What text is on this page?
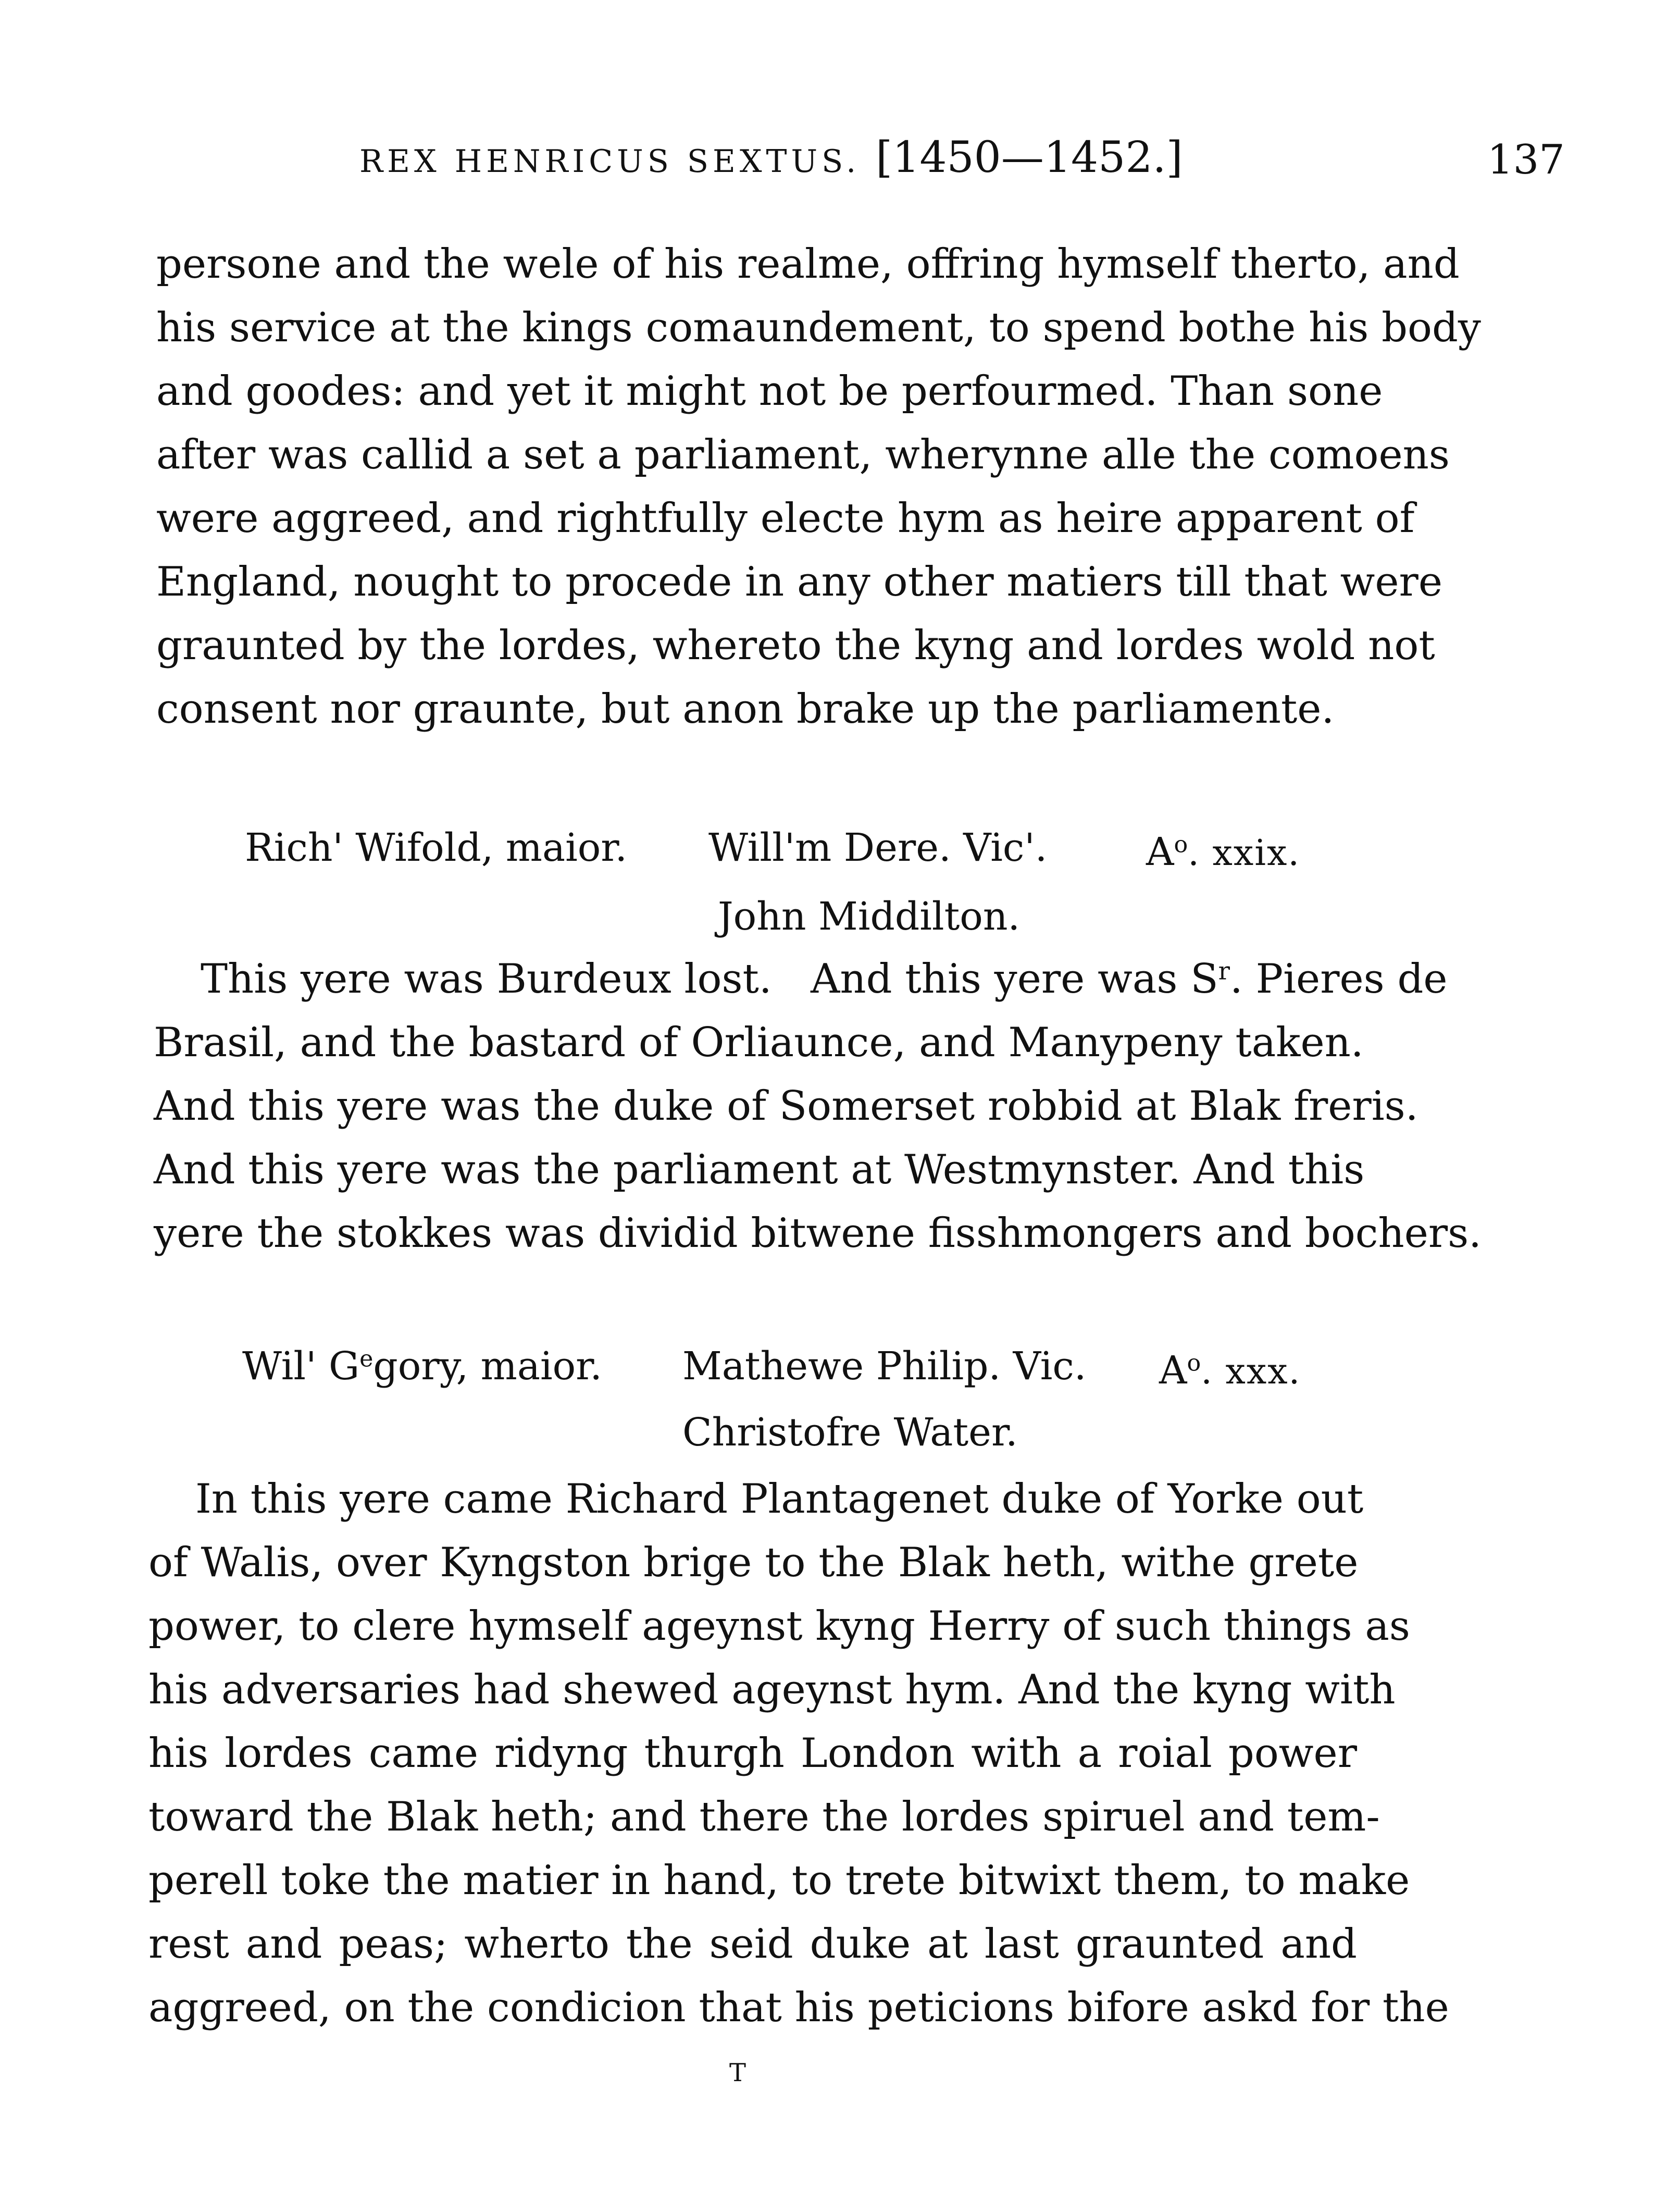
REX HENRICUS SEXTUS. [1450—1452.]	137
persone and the wele of his realme, offring hymself therto, and
his service at the kings comaundement, to spend bothe his body
and goodes: and yet it might not be perfourmed. Than sone
after was callid a set a parliament, wherynne alle the comoens
were aggreed, and rightfully electe hym as heire apparent of
England, nought to procede in any other matiers till that were
graunted by the lordes, whereto the kyng and lordes wold not
consent nor graunte, but anon brake up the parliamente.
Rich' Wifold, maior. Will'm Dere. Vic'.	$A^o$. xxix.
John Middilton.
This yere was Burdeux lost. And this yere was $S^r$. Pieres de
Brasil, and the bastard of Orliaunce, and Manypeny taken.
And this yere was the duke of Somerset robbid at Blak freris.
And this yere was the parliament at Westmynster. And this
yere the stokkes was dividid bitwene fisshmongers and bochers.
Wil' $G^egory$, maior. Mathewe Philip. Vic. $A^o$. xxx.
Christofre Water.
In this yere came Richard Plantagenet duke of Yorke out
of Walis, over Kyngston brige to the Blak heth, withe grete
power, to clere hymself ageynst kyng Herry of such things as
his adversaries had shewed ageynst hym. And the kyng with
his lordes came ridyng thurgh London with a roial power
toward the Blak heth; and there the lordes spiruel and tem-
perell toke the matier in hand, to trete bitwixt them, to make
rest and peas; wherto the seid duke at last graunted and
aggreed, on the condicion that his peticions bifore askd for the
T
